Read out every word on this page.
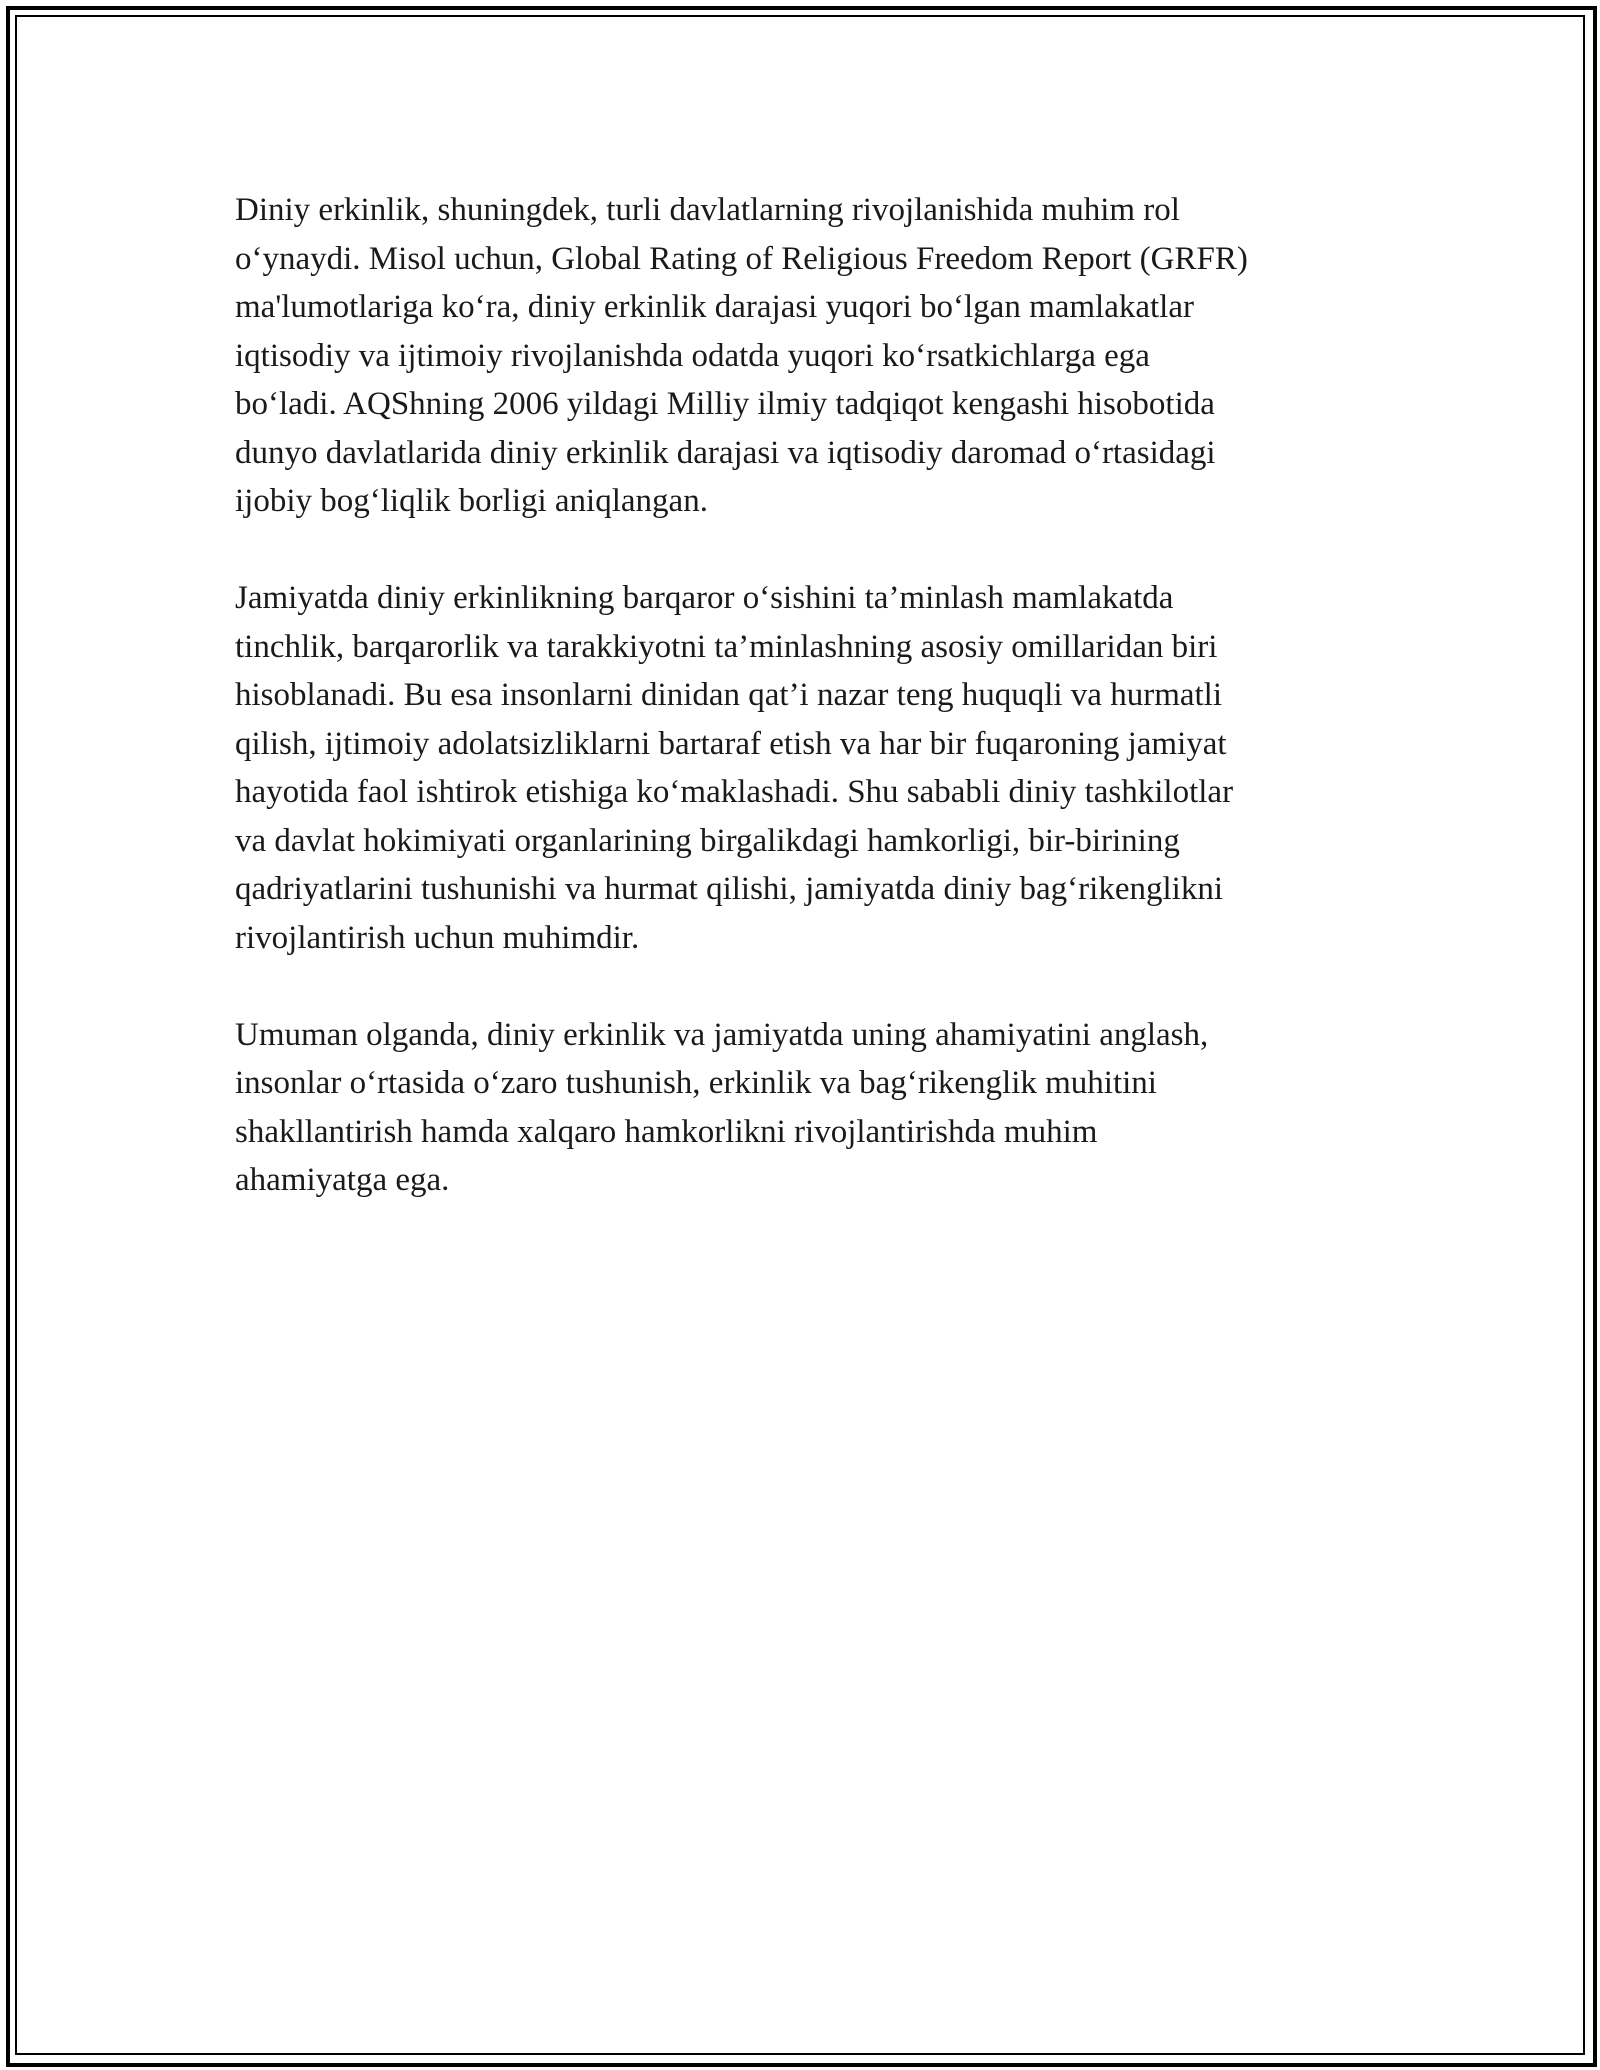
Diniy erkinlik, shuningdek, turli davlatlarning rivojlanishida muhim rol
o‘ynaydi. Misol uchun, Global Rating of Religious Freedom Report (GRFR)
ma'lumotlariga ko‘ra, diniy erkinlik darajasi yuqori bo‘lgan mamlakatlar
iqtisodiy va ijtimoiy rivojlanishda odatda yuqori ko‘rsatkichlarga ega
bo‘ladi. AQShning 2006 yildagi Milliy ilmiy tadqiqot kengashi hisobotida
dunyo davlatlarida diniy erkinlik darajasi va iqtisodiy daromad o‘rtasidagi
ijobiy bog‘liqlik borligi aniqlangan.

Jamiyatda diniy erkinlikning barqaror o‘sishini ta’minlash mamlakatda
tinchlik, barqarorlik va tarakkiyotni ta’minlashning asosiy omillaridan biri
hisoblanadi. Bu esa insonlarni dinidan qat’i nazar teng huquqli va hurmatli
qilish, ijtimoiy adolatsizliklarni bartaraf etish va har bir fuqaroning jamiyat
hayotida faol ishtirok etishiga ko‘maklashadi. Shu sababli diniy tashkilotlar
va davlat hokimiyati organlarining birgalikdagi hamkorligi, bir-birining
qadriyatlarini tushunishi va hurmat qilishi, jamiyatda diniy bag‘rikenglikni
rivojlantirish uchun muhimdir.

Umuman olganda, diniy erkinlik va jamiyatda uning ahamiyatini anglash,
insonlar o‘rtasida o‘zaro tushunish, erkinlik va bag‘rikenglik muhitini
shakllantirish hamda xalqaro hamkorlikni rivojlantirishda muhim
ahamiyatga ega.
